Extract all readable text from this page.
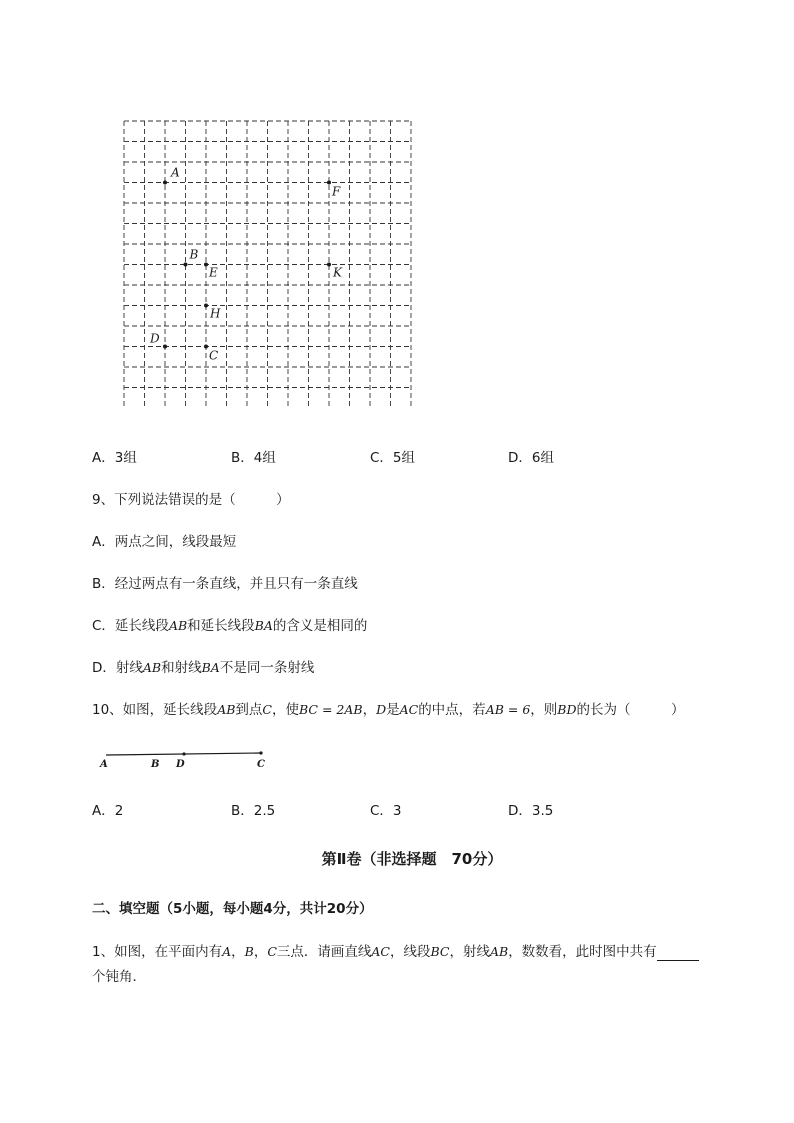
A
F
B
E	K
H
D
C
A．3组	B．4组	C．5组	D．6组
9、下列说法错误的是（　　　）
A．两点之间，线段最短
B．经过两点有一条直线，并且只有一条直线
C．延长线段AB和延长线段BA的含义是相同的
D．射线AB和射线BA不是同一条射线
10、如图，延长线段AB到点C，使BC = 2AB，D是AC的中点，若AB = 6，则BD的长为（　　　）
A	B D	C
A．2	B．2.5	C．3	D．3.5
第Ⅱ卷（非选择题　70分）
二、填空题（5小题，每小题4分，共计20分）
1、如图，在平面内有A，B，C三点．请画直线AC，线段BC，射线AB，数数看，此时图中共有
个钝角．
